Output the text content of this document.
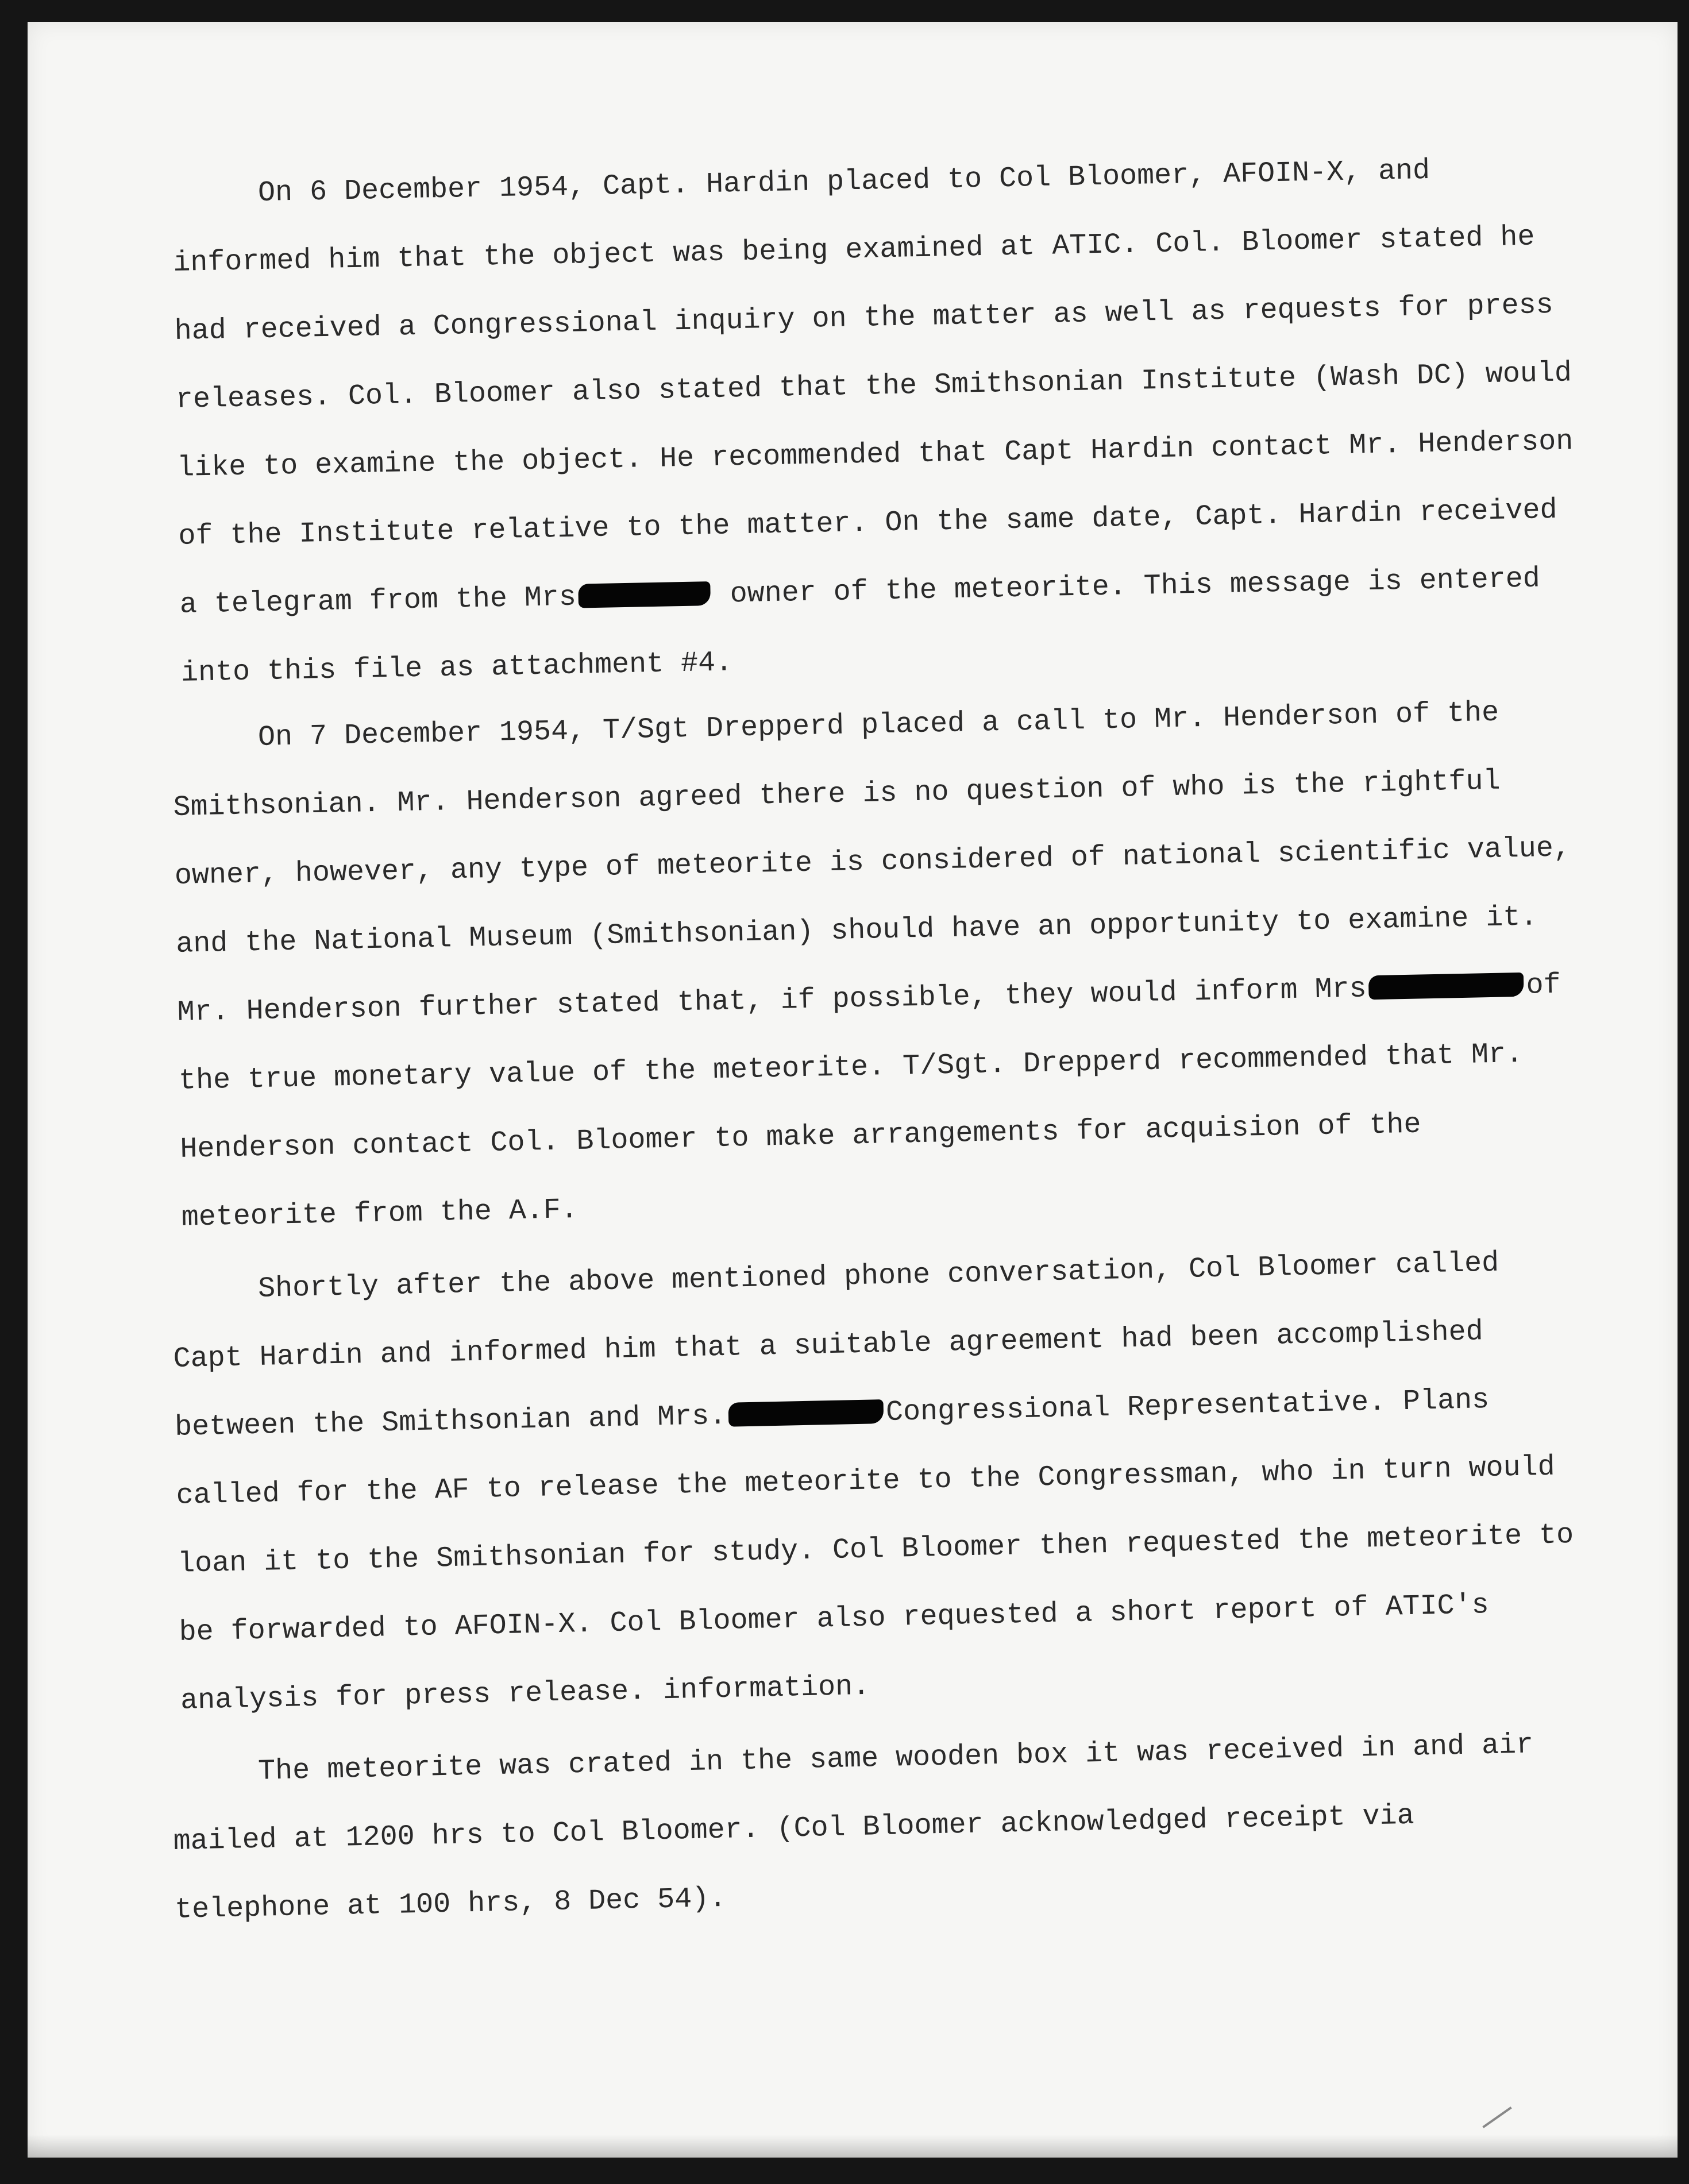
On 6 December 1954, Capt. Hardin placed to Col Bloomer, AFOIN-X, and informed him that the object was being examined at ATIC. Col. Bloomer stated he had received a Congressional inquiry on the matter as well as requests for press releases. Col. Bloomer also stated that the Smithsonian Institute (Wash DC) would like to examine the object. He recommended that Capt Hardin contact Mr. Henderson of the Institute relative to the matter. On the same date, Capt. Hardin received a telegram from the Mrs	owner of the meteorite. This message is entered into this file as attachment #4.

On 7 December 1954, T/Sgt Drepperd placed a call to Mr. Henderson of the Smithsonian. Mr. Henderson agreed there is no question of who is the rightful owner, however, any type of meteorite is considered of national scientific value, and the National Museum (Smithsonian) should have an opportunity to examine it. Mr. Henderson further stated that, if possible, they would inform Mrs	of the true monetary value of the meteorite. T/Sgt. Drepperd recommended that Mr. Henderson contact Col. Bloomer to make arrangements for acquision of the meteorite from the A.F.

Shortly after the above mentioned phone conversation, Col Bloomer called Capt Hardin and informed him that a suitable agreement had been accomplished between the Smithsonian and Mrs.	Congressional Representative. Plans called for the AF to release the meteorite to the Congressman, who in turn would loan it to the Smithsonian for study. Col Bloomer then requested the meteorite to be forwarded to AFOIN-X. Col Bloomer also requested a short report of ATIC's analysis for press release. information.

The meteorite was crated in the same wooden box it was received in and air mailed at 1200 hrs to Col Bloomer. (Col Bloomer acknowledged receipt via telephone at 100 hrs, 8 Dec 54).
